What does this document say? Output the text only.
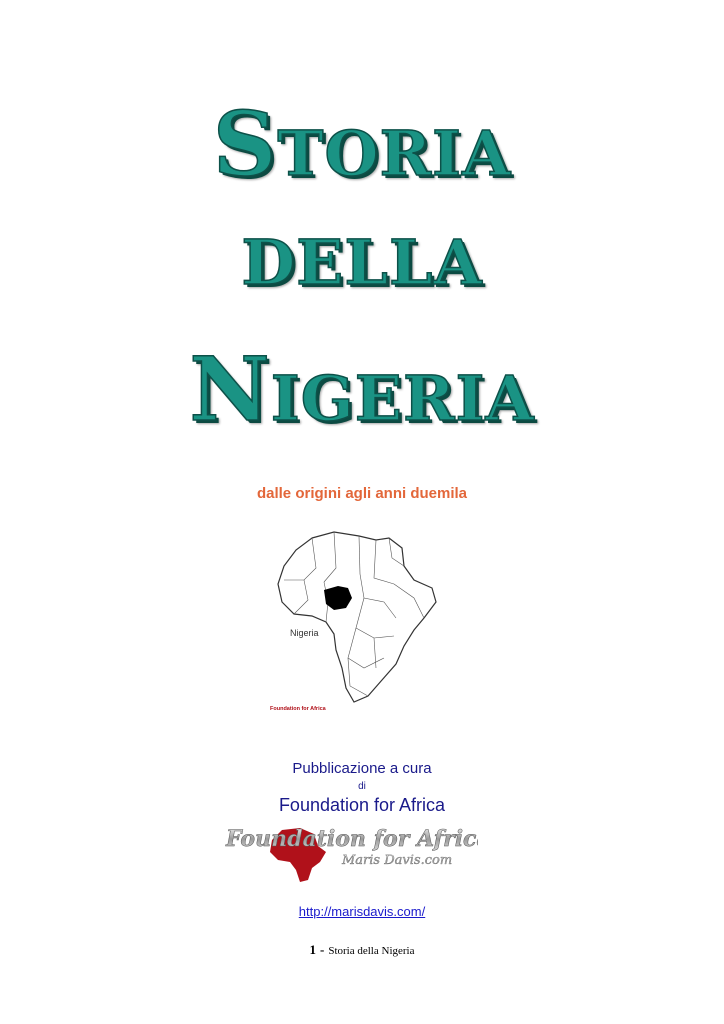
STORIA
DELLA
NIGERIA
dalle origini agli anni duemila
Nigeria
Foundation for Africa
Pubblicazione a cura
di
Foundation for Africa
Foundation for Africa
Maris Davis.com
http://marisdavis.com/
1 - Storia della Nigeria
